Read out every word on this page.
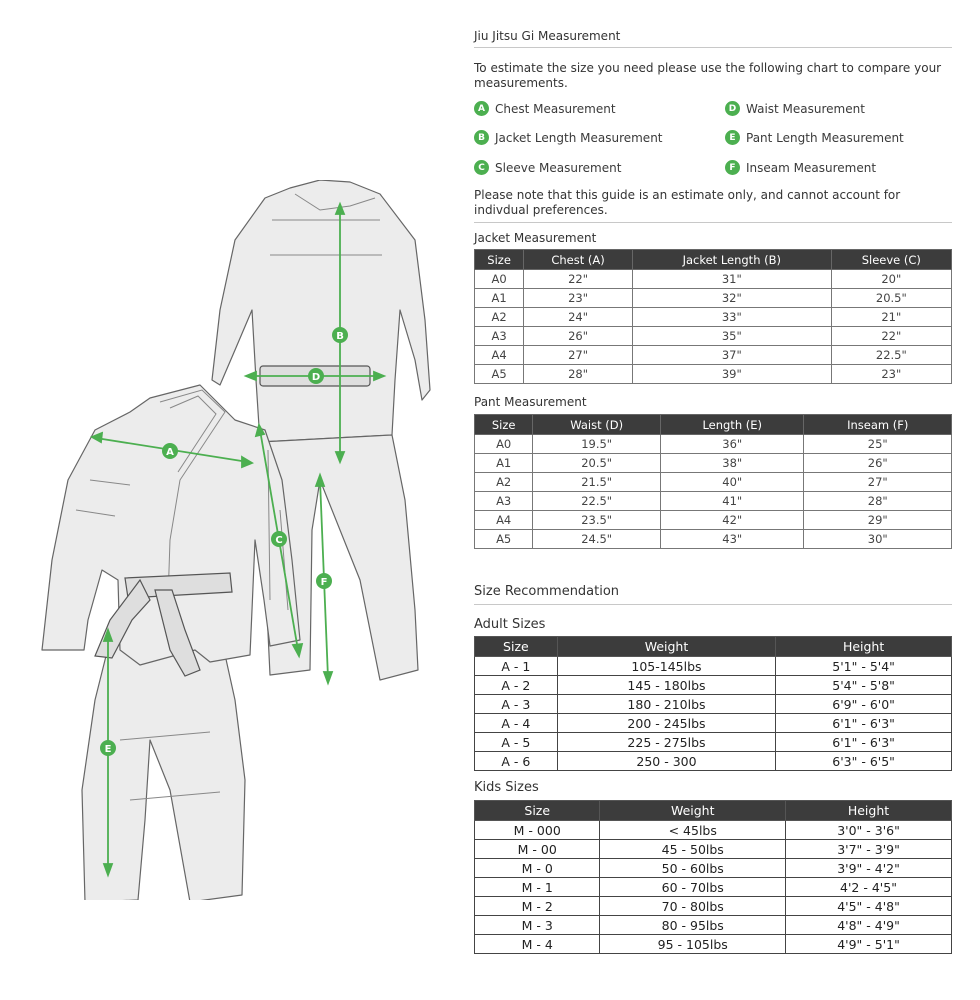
B
D
A
C
F
E
Jiu Jitsu Gi Measurement
To estimate the size you need please use the following chart to compare your measurements.
A Chest Measurement
B Jacket Length Measurement
C Sleeve Measurement
D Waist Measurement
E Pant Length Measurement
F Inseam Measurement
Please note that this guide is an estimate only, and cannot account for indivdual preferences.
Jacket Measurement
Size	Chest (A)	Jacket Length (B)	Sleeve (C)
A0	22"	31"	20"
A1	23"	32"	20.5"
A2	24"	33"	21"
A3	26"	35"	22"
A4	27"	37"	22.5"
A5	28"	39"	23"
Pant Measurement
Size	Waist (D)	Length (E)	Inseam (F)
A0	19.5"	36"	25"
A1	20.5"	38"	26"
A2	21.5"	40"	27"
A3	22.5"	41"	28"
A4	23.5"	42"	29"
A5	24.5"	43"	30"
Size Recommendation
Adult Sizes
Size	Weight	Height
A - 1	105-145lbs	5'1" - 5'4"
A - 2	145 - 180lbs	5'4" - 5'8"
A - 3	180 - 210lbs	6'9" - 6'0"
A - 4	200 - 245lbs	6'1" - 6'3"
A - 5	225 - 275lbs	6'1" - 6'3"
A - 6	250 - 300	6'3" - 6'5"
Kids Sizes
Size	Weight	Height
M - 000	< 45lbs	3'0" - 3'6"
M - 00	45 - 50lbs	3'7" - 3'9"
M - 0	50 - 60lbs	3'9" - 4'2"
M - 1	60 - 70lbs	4'2 - 4'5"
M - 2	70 - 80lbs	4'5" - 4'8"
M - 3	80 - 95lbs	4'8" - 4'9"
M - 4	95 - 105lbs	4'9" - 5'1"
